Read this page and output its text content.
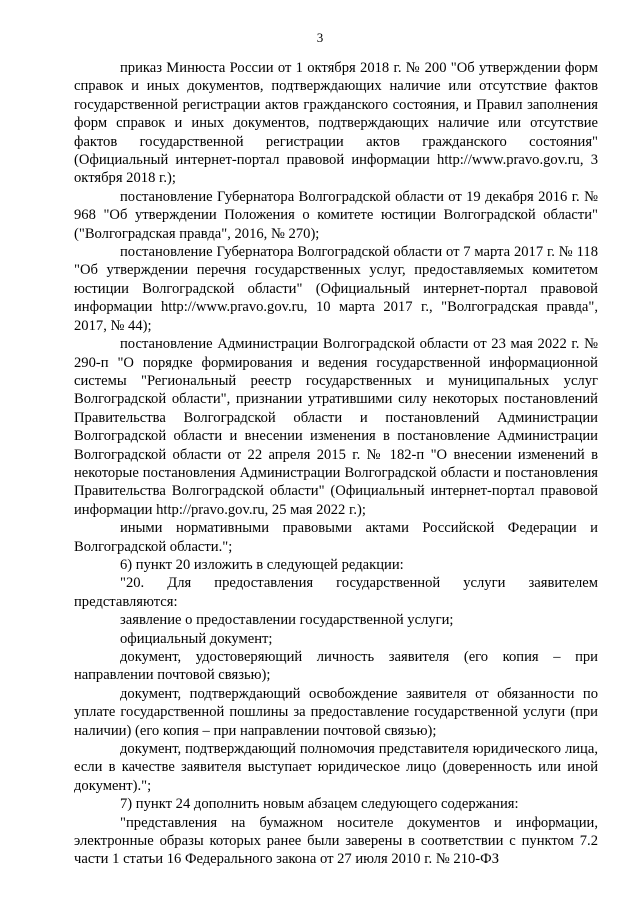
3

приказ Минюста России от 1 октября 2018 г. № 200 "Об утверждении форм справок и иных документов, подтверждающих наличие или отсутствие фактов государственной регистрации актов гражданского состояния, и Правил заполнения форм справок и иных документов, подтверждающих наличие или отсутствие фактов государственной регистрации актов гражданского состояния" (Официальный интернет-портал правовой информации http://www.pravo.gov.ru, 3 октября 2018 г.);

постановление Губернатора Волгоградской области от 19 декабря 2016 г. № 968 "Об утверждении Положения о комитете юстиции Волгоградской области" ("Волгоградская правда", 2016, № 270);

постановление Губернатора Волгоградской области от 7 марта 2017 г. № 118 "Об утверждении перечня государственных услуг, предоставляемых комитетом юстиции Волгоградской области" (Официальный интернет-портал правовой информации http://www.pravo.gov.ru, 10 марта 2017 г., "Волгоградская правда", 2017, № 44);

постановление Администрации Волгоградской области от 23 мая 2022 г. № 290-п "О порядке формирования и ведения государственной информационной системы "Региональный реестр государственных и муниципальных услуг Волгоградской области", признании утратившими силу некоторых постановлений Правительства Волгоградской области и постановлений Администрации Волгоградской области и внесении изменения в постановление Администрации Волгоградской области от 22 апреля 2015 г. № 182-п "О внесении изменений в некоторые постановления Администрации Волгоградской области и постановления Правительства Волгоградской области" (Официальный интернет-портал правовой информации http://pravo.gov.ru, 25 мая 2022 г.);

иными нормативными правовыми актами Российской Федерации и Волгоградской области.";

6) пункт 20 изложить в следующей редакции:

"20. Для предоставления государственной услуги заявителем представляются:

заявление о предоставлении государственной услуги;

официальный документ;

документ, удостоверяющий личность заявителя (его копия – при направлении почтовой связью);

документ, подтверждающий освобождение заявителя от обязанности по уплате государственной пошлины за предоставление государственной услуги (при наличии) (его копия – при направлении почтовой связью);

документ, подтверждающий полномочия представителя юридического лица, если в качестве заявителя выступает юридическое лицо (доверенность или иной документ).";

7) пункт 24 дополнить новым абзацем следующего содержания:

"представления на бумажном носителе документов и информации, электронные образы которых ранее были заверены в соответствии с пунктом 7.2 части 1 статьи 16 Федерального закона от 27 июля 2010 г. № 210-ФЗ
